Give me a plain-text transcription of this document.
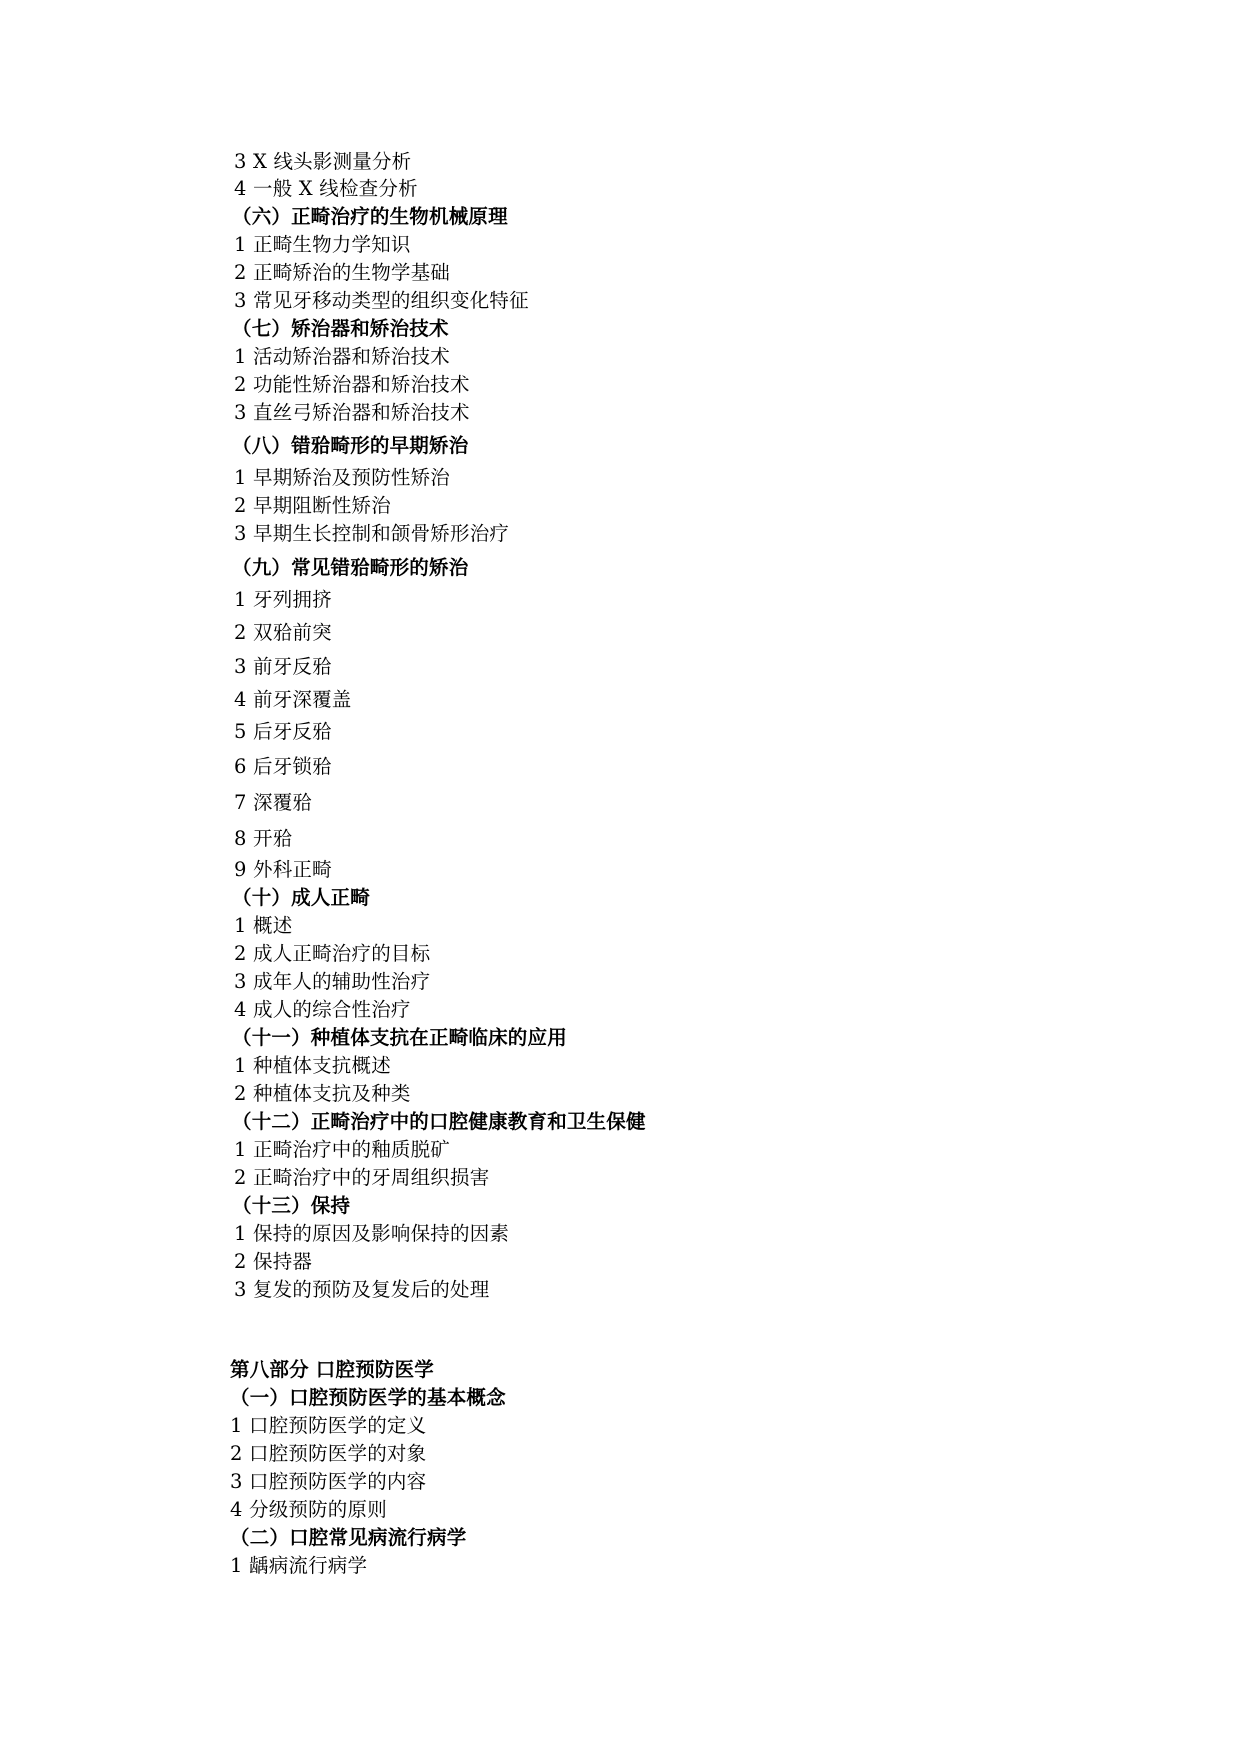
3 X 线头影测量分析
4 一般 X 线检查分析
（六）正畸治疗的生物机械原理
1 正畸生物力学知识
2 正畸矫治的生物学基础
3 常见牙移动类型的组织变化特征
（七）矫治器和矫治技术
1 活动矫治器和矫治技术
2 功能性矫治器和矫治技术
3 直丝弓矫治器和矫治技术
（八）错𬌗畸形的早期矫治
1 早期矫治及预防性矫治
2 早期阻断性矫治
3 早期生长控制和颌骨矫形治疗
（九）常见错𬌗畸形的矫治
1 牙列拥挤
2 双𬌗前突
3 前牙反𬌗
4 前牙深覆盖
5 后牙反𬌗
6 后牙锁𬌗
7 深覆𬌗
8 开𬌗
9 外科正畸
（十）成人正畸
1 概述
2 成人正畸治疗的目标
3 成年人的辅助性治疗
4 成人的综合性治疗
（十一）种植体支抗在正畸临床的应用
1 种植体支抗概述
2 种植体支抗及种类
（十二）正畸治疗中的口腔健康教育和卫生保健
1 正畸治疗中的釉质脱矿
2 正畸治疗中的牙周组织损害
（十三）保持
1 保持的原因及影响保持的因素
2 保持器
3 复发的预防及复发后的处理
第八部分 口腔预防医学
（一）口腔预防医学的基本概念
1 口腔预防医学的定义
2 口腔预防医学的对象
3 口腔预防医学的内容
4 分级预防的原则
（二）口腔常见病流行病学
1 龋病流行病学
